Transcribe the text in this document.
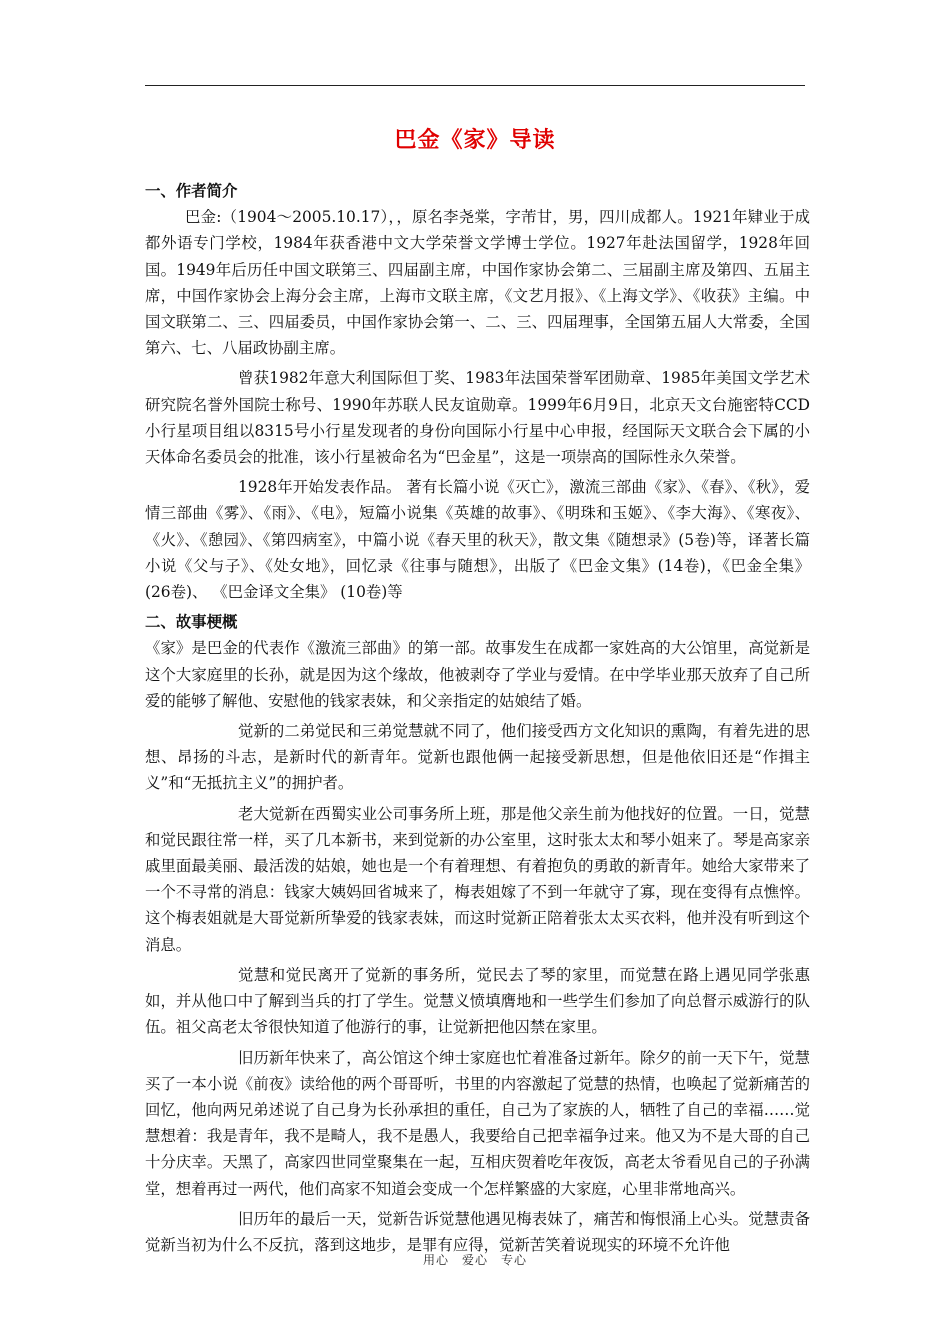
巴金《家》导读
一、作者简介

巴金:（1904～2005.10.17），，原名李尧棠，字芾甘，男，四川成都人。1921年肄业于成都外语专门学校，1984年获香港中文大学荣誉文学博士学位。1927年赴法国留学，1928年回国。1949年后历任中国文联第三、四届副主席，中国作家协会第二、三届副主席及第四、五届主席，中国作家协会上海分会主席，上海市文联主席，《文艺月报》、《上海文学》、《收获》主编。中国文联第二、三、四届委员，中国作家协会第一、二、三、四届理事，全国第五届人大常委，全国第六、七、八届政协副主席。

曾获1982年意大利国际但丁奖、1983年法国荣誉军团勋章、1985年美国文学艺术研究院名誉外国院士称号、1990年苏联人民友谊勋章。1999年6月9日，北京天文台施密特CCD小行星项目组以8315号小行星发现者的身份向国际小行星中心申报，经国际天文联合会下属的小天体命名委员会的批准，该小行星被命名为“巴金星”，这是一项崇高的国际性永久荣誉。

1928年开始发表作品。 著有长篇小说《灭亡》，激流三部曲《家》、《春》、《秋》，爱情三部曲《雾》、《雨》、《电》，短篇小说集《英雄的故事》、《明珠和玉姬》、《李大海》、《寒夜》、《火》、《憩园》、《第四病室》，中篇小说《春天里的秋天》，散文集《随想录》(5卷)等，译著长篇小说《父与子》、《处女地》，回忆录《往事与随想》，出版了《巴金文集》(14卷)，《巴金全集》 (26卷)、 《巴金译文全集》 (10卷)等

二、故事梗概

《家》是巴金的代表作《激流三部曲》的第一部。故事发生在成都一家姓高的大公馆里，高觉新是这个大家庭里的长孙，就是因为这个缘故，他被剥夺了学业与爱情。在中学毕业那天放弃了自己所爱的能够了解他、安慰他的钱家表妹，和父亲指定的姑娘结了婚。

觉新的二弟觉民和三弟觉慧就不同了，他们接受西方文化知识的熏陶，有着先进的思想、昂扬的斗志，是新时代的新青年。觉新也跟他俩一起接受新思想，但是他依旧还是“作揖主义”和“无抵抗主义”的拥护者。

老大觉新在西蜀实业公司事务所上班，那是他父亲生前为他找好的位置。一日，觉慧和觉民跟往常一样，买了几本新书，来到觉新的办公室里，这时张太太和琴小姐来了。琴是高家亲戚里面最美丽、最活泼的姑娘，她也是一个有着理想、有着抱负的勇敢的新青年。她给大家带来了一个不寻常的消息：钱家大姨妈回省城来了，梅表姐嫁了不到一年就守了寡，现在变得有点憔悴。这个梅表姐就是大哥觉新所挚爱的钱家表妹，而这时觉新正陪着张太太买衣料，他并没有听到这个消息。

觉慧和觉民离开了觉新的事务所，觉民去了琴的家里，而觉慧在路上遇见同学张惠如，并从他口中了解到当兵的打了学生。觉慧义愤填膺地和一些学生们参加了向总督示威游行的队伍。祖父高老太爷很快知道了他游行的事，让觉新把他囚禁在家里。

旧历新年快来了，高公馆这个绅士家庭也忙着准备过新年。除夕的前一天下午，觉慧买了一本小说《前夜》读给他的两个哥哥听，书里的内容激起了觉慧的热情，也唤起了觉新痛苦的回忆，他向两兄弟述说了自己身为长孙承担的重任，自己为了家族的人，牺牲了自己的幸福……觉慧想着：我是青年，我不是畸人，我不是愚人，我要给自己把幸福争过来。他又为不是大哥的自己十分庆幸。天黑了，高家四世同堂聚集在一起，互相庆贺着吃年夜饭，高老太爷看见自己的子孙满堂，想着再过一两代，他们高家不知道会变成一个怎样繁盛的大家庭，心里非常地高兴。

旧历年的最后一天，觉新告诉觉慧他遇见梅表妹了，痛苦和悔恨涌上心头。觉慧责备觉新当初为什么不反抗，落到这地步，是罪有应得，觉新苦笑着说现实的环境不允许他

用心　爱心　专心
